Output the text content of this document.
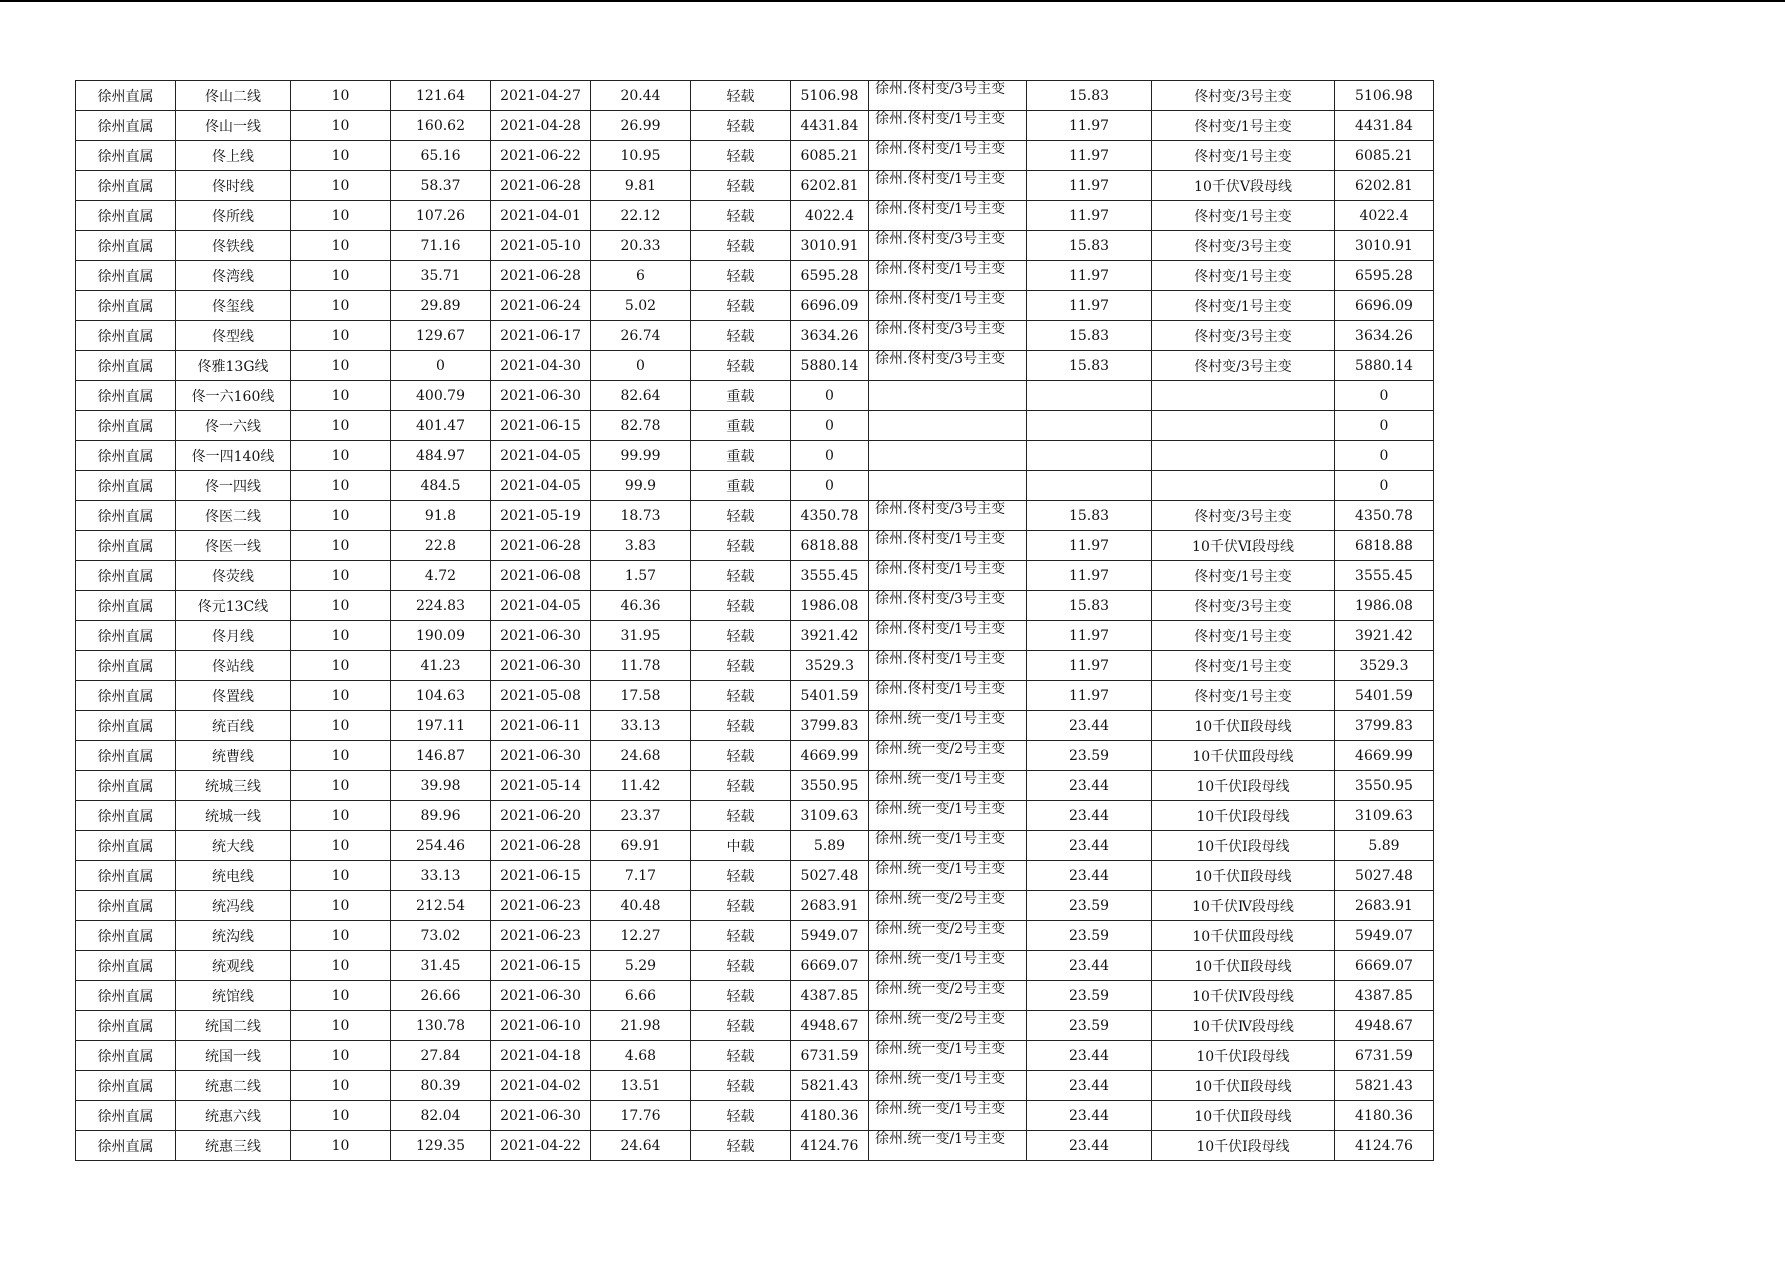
徐州直属	佟山二线	10	121.64	2021-04-27	20.44	轻载	5106.98	徐州.佟村变/3号主变	15.83	佟村变/3号主变	5106.98
徐州直属	佟山一线	10	160.62	2021-04-28	26.99	轻载	4431.84	徐州.佟村变/1号主变	11.97	佟村变/1号主变	4431.84
徐州直属	佟上线	10	65.16	2021-06-22	10.95	轻载	6085.21	徐州.佟村变/1号主变	11.97	佟村变/1号主变	6085.21
徐州直属	佟时线	10	58.37	2021-06-28	9.81	轻载	6202.81	徐州.佟村变/1号主变	11.97	10千伏Ⅴ段母线	6202.81
徐州直属	佟所线	10	107.26	2021-04-01	22.12	轻载	4022.4	徐州.佟村变/1号主变	11.97	佟村变/1号主变	4022.4
徐州直属	佟铁线	10	71.16	2021-05-10	20.33	轻载	3010.91	徐州.佟村变/3号主变	15.83	佟村变/3号主变	3010.91
徐州直属	佟湾线	10	35.71	2021-06-28	6	轻载	6595.28	徐州.佟村变/1号主变	11.97	佟村变/1号主变	6595.28
徐州直属	佟玺线	10	29.89	2021-06-24	5.02	轻载	6696.09	徐州.佟村变/1号主变	11.97	佟村变/1号主变	6696.09
徐州直属	佟型线	10	129.67	2021-06-17	26.74	轻载	3634.26	徐州.佟村变/3号主变	15.83	佟村变/3号主变	3634.26
徐州直属	佟雅13G线	10	0	2021-04-30	0	轻载	5880.14	徐州.佟村变/3号主变	15.83	佟村变/3号主变	5880.14
徐州直属	佟一六160线	10	400.79	2021-06-30	82.64	重载	0				0
徐州直属	佟一六线	10	401.47	2021-06-15	82.78	重载	0				0
徐州直属	佟一四140线	10	484.97	2021-04-05	99.99	重载	0				0
徐州直属	佟一四线	10	484.5	2021-04-05	99.9	重载	0				0
徐州直属	佟医二线	10	91.8	2021-05-19	18.73	轻载	4350.78	徐州.佟村变/3号主变	15.83	佟村变/3号主变	4350.78
徐州直属	佟医一线	10	22.8	2021-06-28	3.83	轻载	6818.88	徐州.佟村变/1号主变	11.97	10千伏Ⅵ段母线	6818.88
徐州直属	佟荧线	10	4.72	2021-06-08	1.57	轻载	3555.45	徐州.佟村变/1号主变	11.97	佟村变/1号主变	3555.45
徐州直属	佟元13C线	10	224.83	2021-04-05	46.36	轻载	1986.08	徐州.佟村变/3号主变	15.83	佟村变/3号主变	1986.08
徐州直属	佟月线	10	190.09	2021-06-30	31.95	轻载	3921.42	徐州.佟村变/1号主变	11.97	佟村变/1号主变	3921.42
徐州直属	佟站线	10	41.23	2021-06-30	11.78	轻载	3529.3	徐州.佟村变/1号主变	11.97	佟村变/1号主变	3529.3
徐州直属	佟置线	10	104.63	2021-05-08	17.58	轻载	5401.59	徐州.佟村变/1号主变	11.97	佟村变/1号主变	5401.59
徐州直属	统百线	10	197.11	2021-06-11	33.13	轻载	3799.83	徐州.统一变/1号主变	23.44	10千伏Ⅱ段母线	3799.83
徐州直属	统曹线	10	146.87	2021-06-30	24.68	轻载	4669.99	徐州.统一变/2号主变	23.59	10千伏Ⅲ段母线	4669.99
徐州直属	统城三线	10	39.98	2021-05-14	11.42	轻载	3550.95	徐州.统一变/1号主变	23.44	10千伏Ⅰ段母线	3550.95
徐州直属	统城一线	10	89.96	2021-06-20	23.37	轻载	3109.63	徐州.统一变/1号主变	23.44	10千伏Ⅰ段母线	3109.63
徐州直属	统大线	10	254.46	2021-06-28	69.91	中载	5.89	徐州.统一变/1号主变	23.44	10千伏Ⅰ段母线	5.89
徐州直属	统电线	10	33.13	2021-06-15	7.17	轻载	5027.48	徐州.统一变/1号主变	23.44	10千伏Ⅱ段母线	5027.48
徐州直属	统冯线	10	212.54	2021-06-23	40.48	轻载	2683.91	徐州.统一变/2号主变	23.59	10千伏Ⅳ段母线	2683.91
徐州直属	统沟线	10	73.02	2021-06-23	12.27	轻载	5949.07	徐州.统一变/2号主变	23.59	10千伏Ⅲ段母线	5949.07
徐州直属	统观线	10	31.45	2021-06-15	5.29	轻载	6669.07	徐州.统一变/1号主变	23.44	10千伏Ⅱ段母线	6669.07
徐州直属	统馆线	10	26.66	2021-06-30	6.66	轻载	4387.85	徐州.统一变/2号主变	23.59	10千伏Ⅳ段母线	4387.85
徐州直属	统国二线	10	130.78	2021-06-10	21.98	轻载	4948.67	徐州.统一变/2号主变	23.59	10千伏Ⅳ段母线	4948.67
徐州直属	统国一线	10	27.84	2021-04-18	4.68	轻载	6731.59	徐州.统一变/1号主变	23.44	10千伏Ⅰ段母线	6731.59
徐州直属	统惠二线	10	80.39	2021-04-02	13.51	轻载	5821.43	徐州.统一变/1号主变	23.44	10千伏Ⅱ段母线	5821.43
徐州直属	统惠六线	10	82.04	2021-06-30	17.76	轻载	4180.36	徐州.统一变/1号主变	23.44	10千伏Ⅱ段母线	4180.36
徐州直属	统惠三线	10	129.35	2021-04-22	24.64	轻载	4124.76	徐州.统一变/1号主变	23.44	10千伏Ⅰ段母线	4124.76
